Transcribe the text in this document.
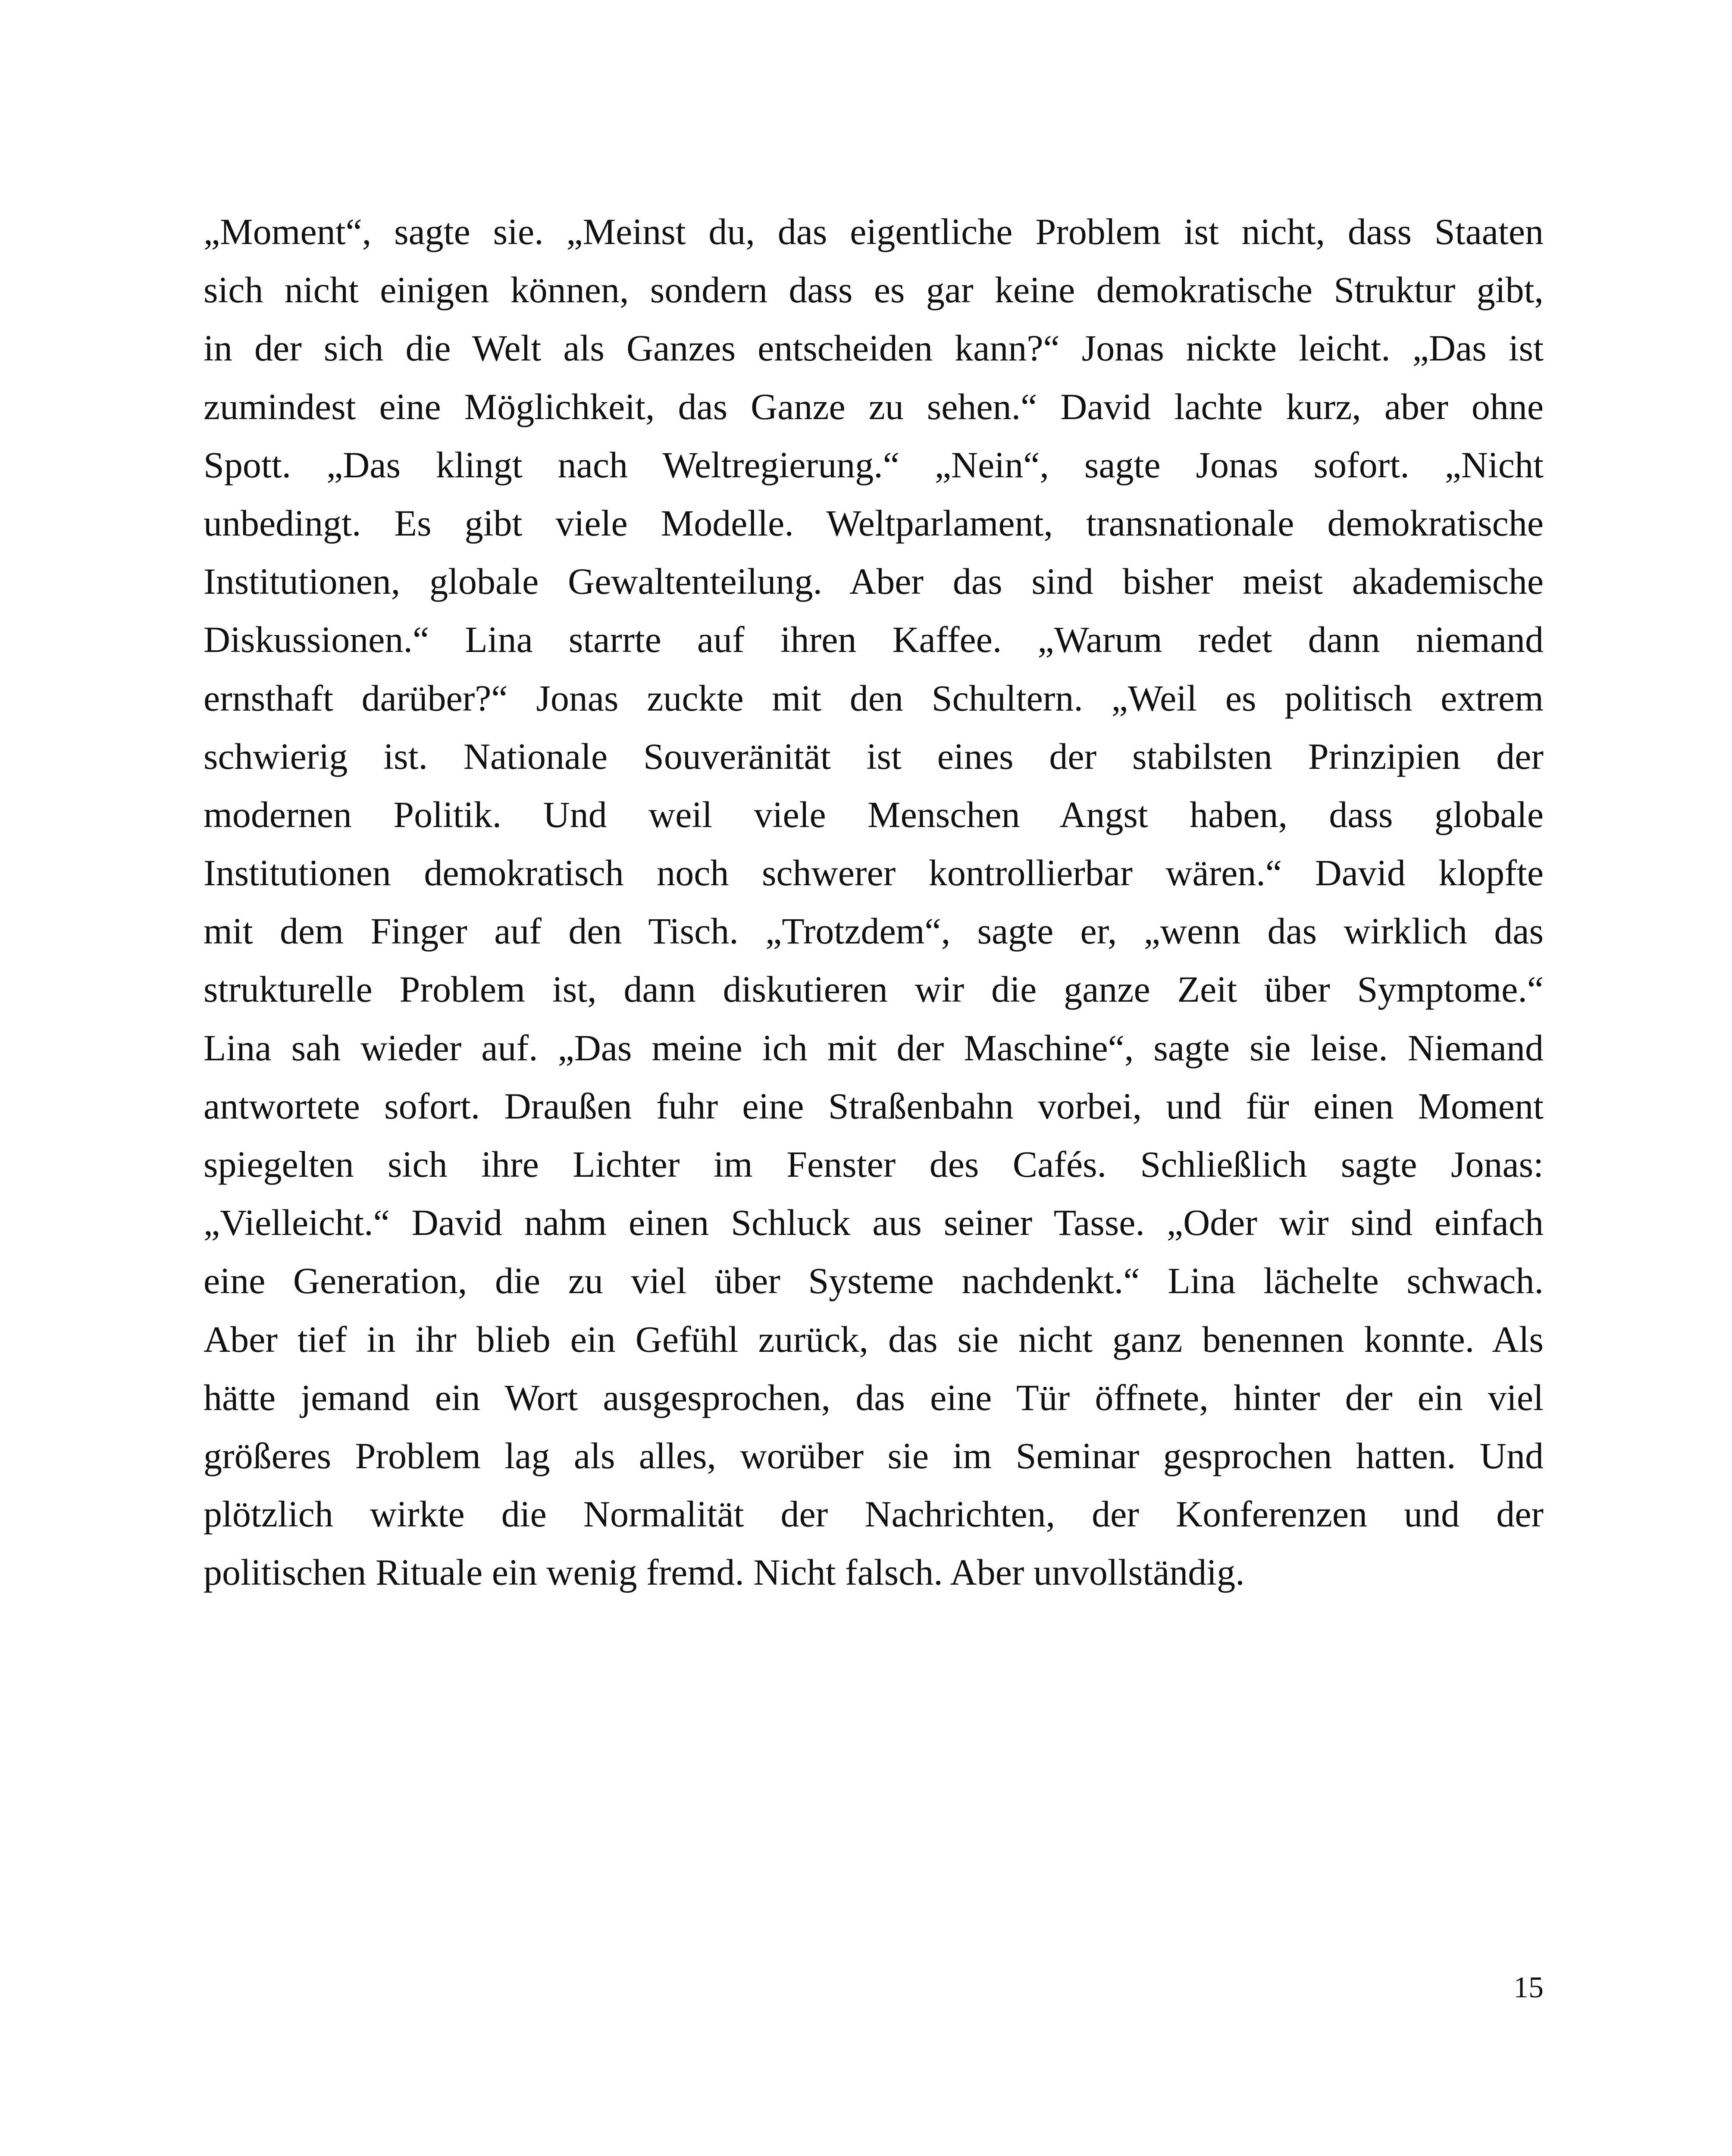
„Moment“, sagte sie. „Meinst du, das eigentliche Problem ist nicht, dass Staaten
sich nicht einigen können, sondern dass es gar keine demokratische Struktur gibt,
in der sich die Welt als Ganzes entscheiden kann?“ Jonas nickte leicht. „Das ist
zumindest eine Möglichkeit, das Ganze zu sehen.“ David lachte kurz, aber ohne
Spott. „Das klingt nach Weltregierung.“ „Nein“, sagte Jonas sofort. „Nicht
unbedingt. Es gibt viele Modelle. Weltparlament, transnationale demokratische
Institutionen, globale Gewaltenteilung. Aber das sind bisher meist akademische
Diskussionen.“ Lina starrte auf ihren Kaffee. „Warum redet dann niemand
ernsthaft darüber?“ Jonas zuckte mit den Schultern. „Weil es politisch extrem
schwierig ist. Nationale Souveränität ist eines der stabilsten Prinzipien der
modernen Politik. Und weil viele Menschen Angst haben, dass globale
Institutionen demokratisch noch schwerer kontrollierbar wären.“ David klopfte
mit dem Finger auf den Tisch. „Trotzdem“, sagte er, „wenn das wirklich das
strukturelle Problem ist, dann diskutieren wir die ganze Zeit über Symptome.“
Lina sah wieder auf. „Das meine ich mit der Maschine“, sagte sie leise. Niemand
antwortete sofort. Draußen fuhr eine Straßenbahn vorbei, und für einen Moment
spiegelten sich ihre Lichter im Fenster des Cafés. Schließlich sagte Jonas:
„Vielleicht.“ David nahm einen Schluck aus seiner Tasse. „Oder wir sind einfach
eine Generation, die zu viel über Systeme nachdenkt.“ Lina lächelte schwach.
Aber tief in ihr blieb ein Gefühl zurück, das sie nicht ganz benennen konnte. Als
hätte jemand ein Wort ausgesprochen, das eine Tür öffnete, hinter der ein viel
größeres Problem lag als alles, worüber sie im Seminar gesprochen hatten. Und
plötzlich wirkte die Normalität der Nachrichten, der Konferenzen und der
politischen Rituale ein wenig fremd. Nicht falsch. Aber unvollständig.

15
